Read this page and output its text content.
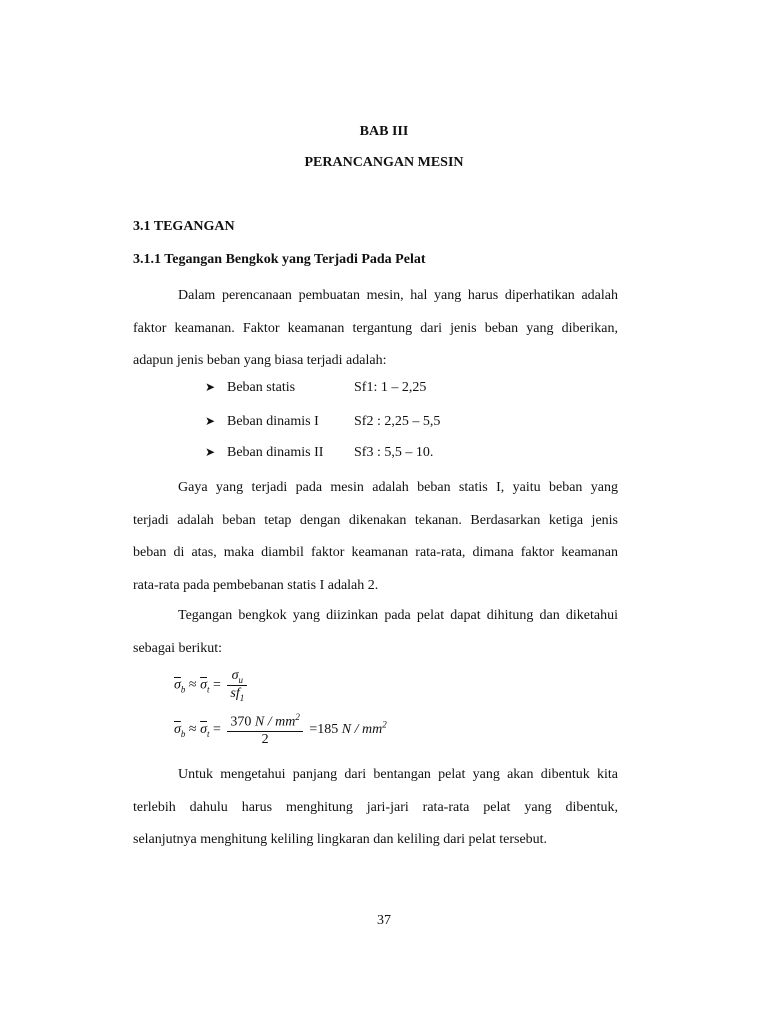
BAB III
PERANCANGAN MESIN
3.1 TEGANGAN
3.1.1 Tegangan Bengkok yang Terjadi Pada Pelat
Dalam perencanaan pembuatan mesin, hal yang harus diperhatikan adalah
faktor keamanan. Faktor keamanan tergantung dari jenis beban yang diberikan,
adapun jenis beban yang biasa terjadi adalah:
➤ Beban statis	Sf1: 1 – 2,25
➤ Beban dinamis I	Sf2 : 2,25 – 5,5
➤ Beban dinamis II Sf3 : 5,5 – 10.
Gaya yang terjadi pada mesin adalah beban statis I, yaitu beban yang
terjadi adalah beban tetap dengan dikenakan tekanan. Berdasarkan ketiga jenis
beban di atas, maka diambil faktor keamanan rata-rata, dimana faktor keamanan
rata-rata pada pembebanan statis I adalah 2.
Tegangan bengkok yang diizinkan pada pelat dapat dihitung dan diketahui
sebagai berikut:
$\overline{\sigma}_b \approx \overline{\sigma}_t = \frac{\sigma_u}{sf_1}$
$\overline{\sigma}_b \approx \overline{\sigma}_t = \frac{370 N / mm^2}{2} =185$ N / $mm^2$
Untuk mengetahui panjang dari bentangan pelat yang akan dibentuk kita
terlebih dahulu harus menghitung jari-jari rata-rata pelat yang dibentuk,
selanjutnya menghitung keliling lingkaran dan keliling dari pelat tersebut.
37
